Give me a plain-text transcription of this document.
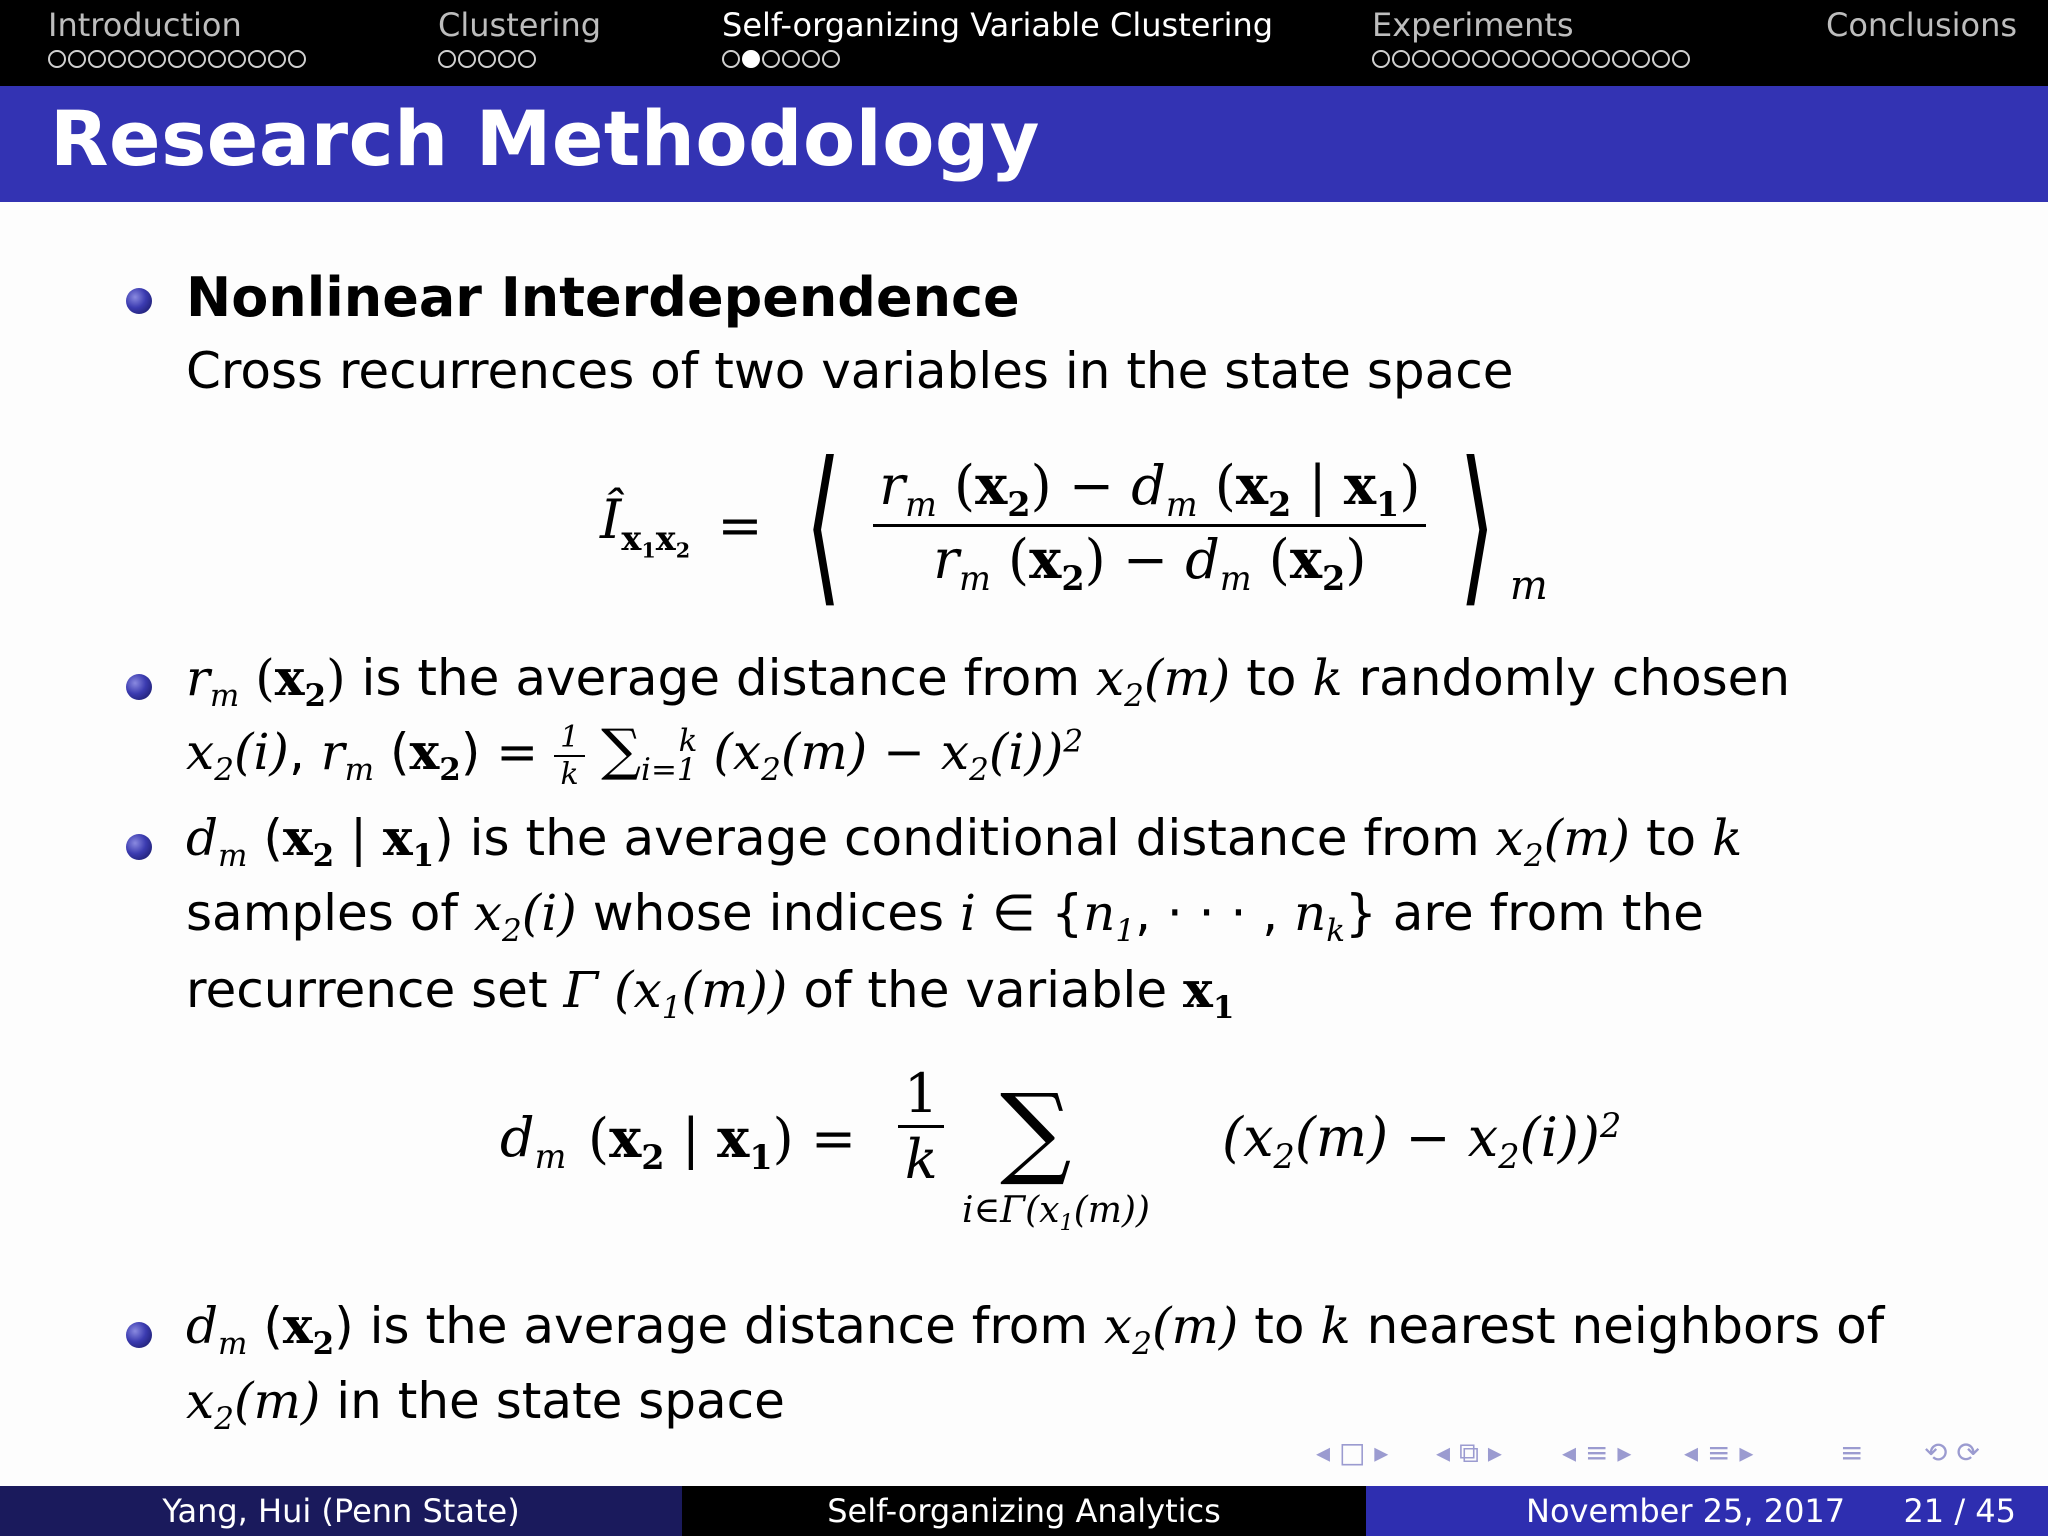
Introduction	Clustering	Self-organizing Variable Clustering	Experiments	Conclusions
Research Methodology
Nonlinear Interdependence
Cross recurrences of two variables in the state space
$Î_{x_1x_2}$ = ⟨ $\frac{r_m (x_2) - d_m (x_2 | x_1)}{r_m (x_2) - d_m (x_2)}$ ⟩ $_m$
$r_m$ $(x_2)$ is the average distance from $x_2(m)$ to k randomly chosen
$x_2(i)$, $r_m$ $(x_2) = \frac{1}{k} \sum_{i=1}^k$ $(x_2(m) - x_2(i))^2$
$d_m$ ($x_2$ | $x_1$) is the average conditional distance from $x_2(m)$ to k
samples of $x_2(i)$ whose indices i ∈ {$n_1$, · · · , $n_k$} are from the
recurrence set Γ $(x_1(m))$ of the variable $x_1$
$d_m$ ($x_2$ | $x_1) = \frac{1}{k}$ ∑
$i\in\Gamma(x_1(m))$
$(x_2(m) - x_2(i))^2$
$d_m$ $(x_2)$ is the average distance from $x_2(m)$ to k nearest neighbors of
$x_2(m)$ in the state space
◂ □ ▸ ◂ ⧉ ▸ ◂ ≡ ▸ ◂ ≡ ▸	≡ ⟲ ⟳
Yang, Hui (Penn State)	Self-organizing Analytics	November 25, 2017 21 / 45
